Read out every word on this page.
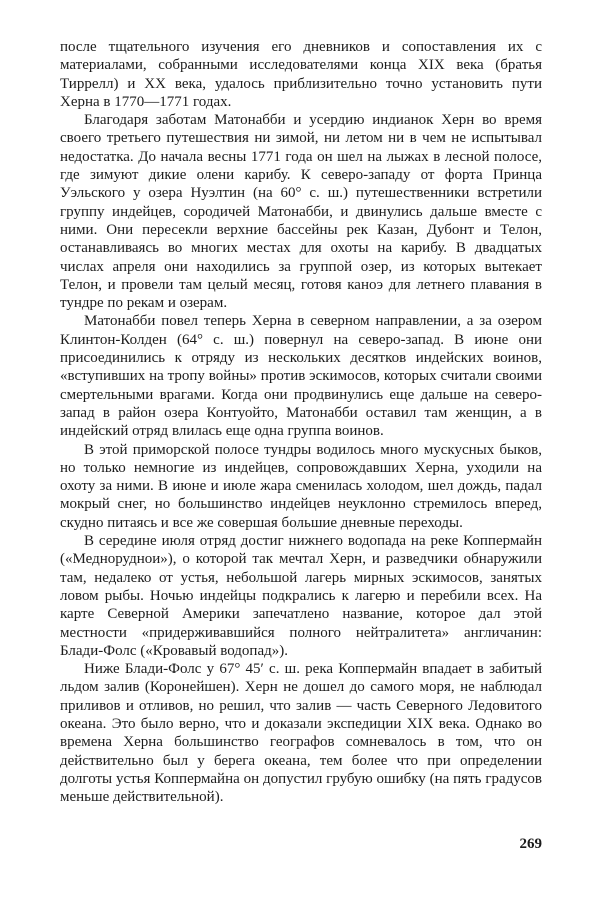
после тщательного изучения его дневников и сопоставления их с материалами, собранными исследователями конца XIX века (братья Тиррелл) и XX века, удалось приблизительно точно установить пути Херна в 1770—1771 годах.

Благодаря заботам Матонабби и усердию индианок Херн во время своего третьего путешествия ни зимой, ни летом ни в чем не испытывал недостатка. До начала весны 1771 года он шел на лыжах в лесной полосе, где зимуют дикие олени карибу. К северо-западу от форта Принца Уэльского у озера Нуэлтин (на 60° с. ш.) путешественники встретили группу индейцев, сородичей Матонабби, и двинулись дальше вместе с ними. Они пересекли верхние бассейны рек Казан, Дубонт и Телон, останавливаясь во многих местах для охоты на карибу. В двадцатых числах апреля они находились за группой озер, из которых вытекает Телон, и провели там целый месяц, готовя каноэ для летнего плавания в тундре по рекам и озерам.

Матонабби повел теперь Херна в северном направлении, а за озером Клинтон-Колден (64° с. ш.) повернул на северо-запад. В июне они присоединились к отряду из нескольких десятков индейских воинов, «вступивших на тропу войны» против эскимосов, которых считали своими смертельными врагами. Когда они продвинулись еще дальше на северо-запад в район озера Контуойто, Матонабби оставил там женщин, а в индейский отряд влилась еще одна группа воинов.

В этой приморской полосе тундры водилось много мускусных быков, но только немногие из индейцев, сопровождавших Херна, уходили на охоту за ними. В июне и июле жара сменилась холодом, шел дождь, падал мокрый снег, но большинство индейцев неуклонно стремилось вперед, скудно питаясь и все же совершая большие дневные переходы.

В середине июля отряд достиг нижнего водопада на реке Коппермайн («Медноруднои»), о которой так мечтал Херн, и разведчики обнаружили там, недалеко от устья, небольшой лагерь мирных эскимосов, занятых ловом рыбы. Ночью индейцы подкрались к лагерю и перебили всех. На карте Северной Америки запечатлено название, которое дал этой местности «придерживавшийся полного нейтралитета» англичанин: Блади-Фолс («Кровавый водопад»).

Ниже Блади-Фолс у 67° 45′ с. ш. река Коппермайн впадает в забитый льдом залив (Коронейшен). Херн не дошел до самого моря, не наблюдал приливов и отливов, но решил, что залив — часть Северного Ледовитого океана. Это было верно, что и доказали экспедиции XIX века. Однако во времена Херна большинство географов сомневалось в том, что он действительно был у берега океана, тем более что при определении долготы устья Коппермайна он допустил грубую ошибку (на пять градусов меньше действительной).

269
